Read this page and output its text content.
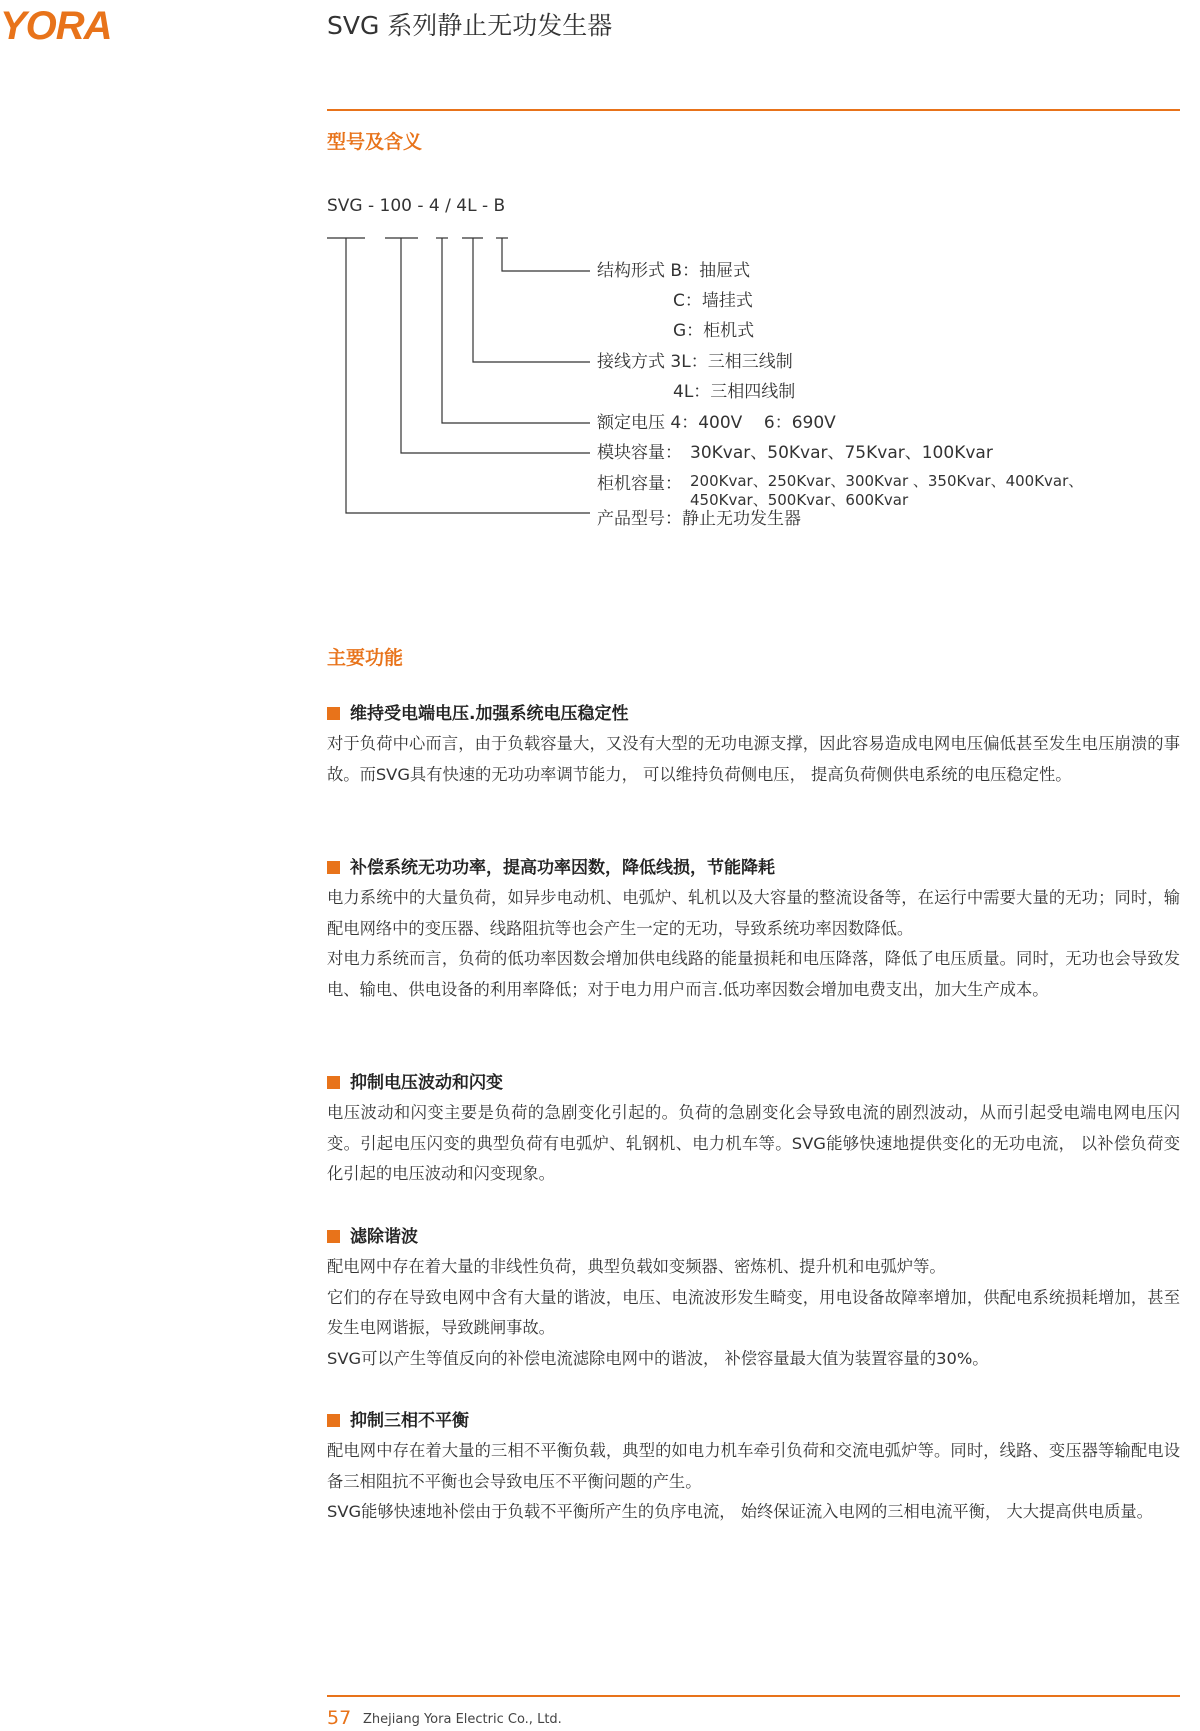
YORA	SVG 系列静止无功发生器
型号及含义
SVG - 100 - 4 / 4L - B
结构形式 B：抽屉式
C：墙挂式
G：柜机式
接线方式 3L：三相三线制
4L：三相四线制
额定电压 4：400V    6：690V
模块容量： 30Kvar、50Kvar、75Kvar、100Kvar
柜机容量： 200Kvar、250Kvar、300Kvar 、350Kvar、400Kvar、
450Kvar、500Kvar、600Kvar
产品型号：静止无功发生器
主要功能
维持受电端电压.加强系统电压稳定性
对于负荷中心而言，由于负载容量大，又没有大型的无功电源支撑，因此容易造成电网电压偏低甚至发生电压崩溃的事故。而SVG具有快速的无功功率调节能力， 可以维持负荷侧电压， 提高负荷侧供电系统的电压稳定性。
补偿系统无功功率，提高功率因数，降低线损，节能降耗
电力系统中的大量负荷，如异步电动机、电弧炉、轧机以及大容量的整流设备等，在运行中需要大量的无功；同时，输配电网络中的变压器、线路阻抗等也会产生一定的无功，导致系统功率因数降低。
对电力系统而言，负荷的低功率因数会增加供电线路的能量损耗和电压降落，降低了电压质量。同时，无功也会导致发电、输电、供电设备的利用率降低；对于电力用户而言.低功率因数会增加电费支出，加大生产成本。
抑制电压波动和闪变
电压波动和闪变主要是负荷的急剧变化引起的。负荷的急剧变化会导致电流的剧烈波动，从而引起受电端电网电压闪变。引起电压闪变的典型负荷有电弧炉、轧钢机、电力机车等。SVG能够快速地提供变化的无功电流， 以补偿负荷变化引起的电压波动和闪变现象。
滤除谐波
配电网中存在着大量的非线性负荷，典型负载如变频器、密炼机、提升机和电弧炉等。
它们的存在导致电网中含有大量的谐波，电压、电流波形发生畸变，用电设备故障率增加，供配电系统损耗增加，甚至发生电网谐振，导致跳闸事故。
SVG可以产生等值反向的补偿电流滤除电网中的谐波， 补偿容量最大值为装置容量的30%。
抑制三相不平衡
配电网中存在着大量的三相不平衡负载，典型的如电力机车牵引负荷和交流电弧炉等。同时，线路、变压器等输配电设备三相阻抗不平衡也会导致电压不平衡问题的产生。
SVG能够快速地补偿由于负载不平衡所产生的负序电流， 始终保证流入电网的三相电流平衡， 大大提高供电质量。
57 Zhejiang Yora Electric Co., Ltd.
